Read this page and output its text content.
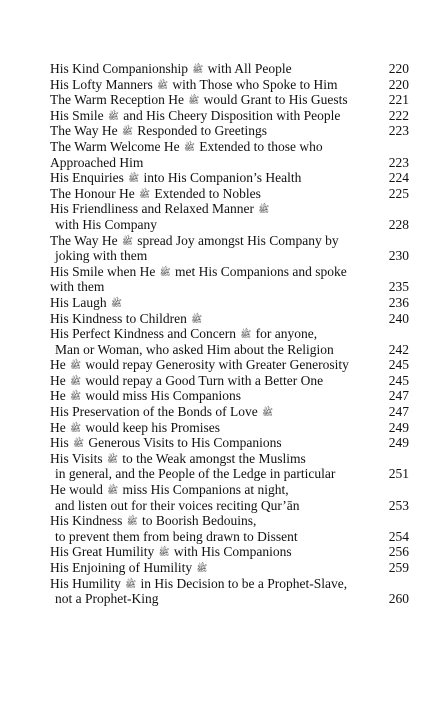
His Kind Companionship ﷺ with All People	220
His Lofty Manners ﷺ with Those who Spoke to Him	220
The Warm Reception He ﷺ would Grant to His Guests	221
His Smile ﷺ and His Cheery Disposition with People	222
The Way He ﷺ Responded to Greetings	223
The Warm Welcome He ﷺ Extended to those who
Approached Him	223
His Enquiries ﷺ into His Companion’s Health	224
The Honour He ﷺ Extended to Nobles	225
His Friendliness and Relaxed Manner ﷺ
with His Company	228
The Way He ﷺ spread Joy amongst His Company by
joking with them	230
His Smile when He ﷺ met His Companions and spoke
with them	235
His Laugh ﷺ	236
His Kindness to Children ﷺ	240
His Perfect Kindness and Concern ﷺ for anyone,
Man or Woman, who asked Him about the Religion	242
He ﷺ would repay Generosity with Greater Generosity	245
He ﷺ would repay a Good Turn with a Better One	245
He ﷺ would miss His Companions	247
His Preservation of the Bonds of Love ﷺ	247
He ﷺ would keep his Promises	249
His ﷺ Generous Visits to His Companions	249
His Visits ﷺ to the Weak amongst the Muslims
in general, and the People of the Ledge in particular	251
He would ﷺ miss His Companions at night,
and listen out for their voices reciting Qur’ān	253
His Kindness ﷺ to Boorish Bedouins,
to prevent them from being drawn to Dissent	254
His Great Humility ﷺ with His Companions	256
His Enjoining of Humility ﷺ	259
His Humility ﷺ in His Decision to be a Prophet-Slave,
not a Prophet-King	260
